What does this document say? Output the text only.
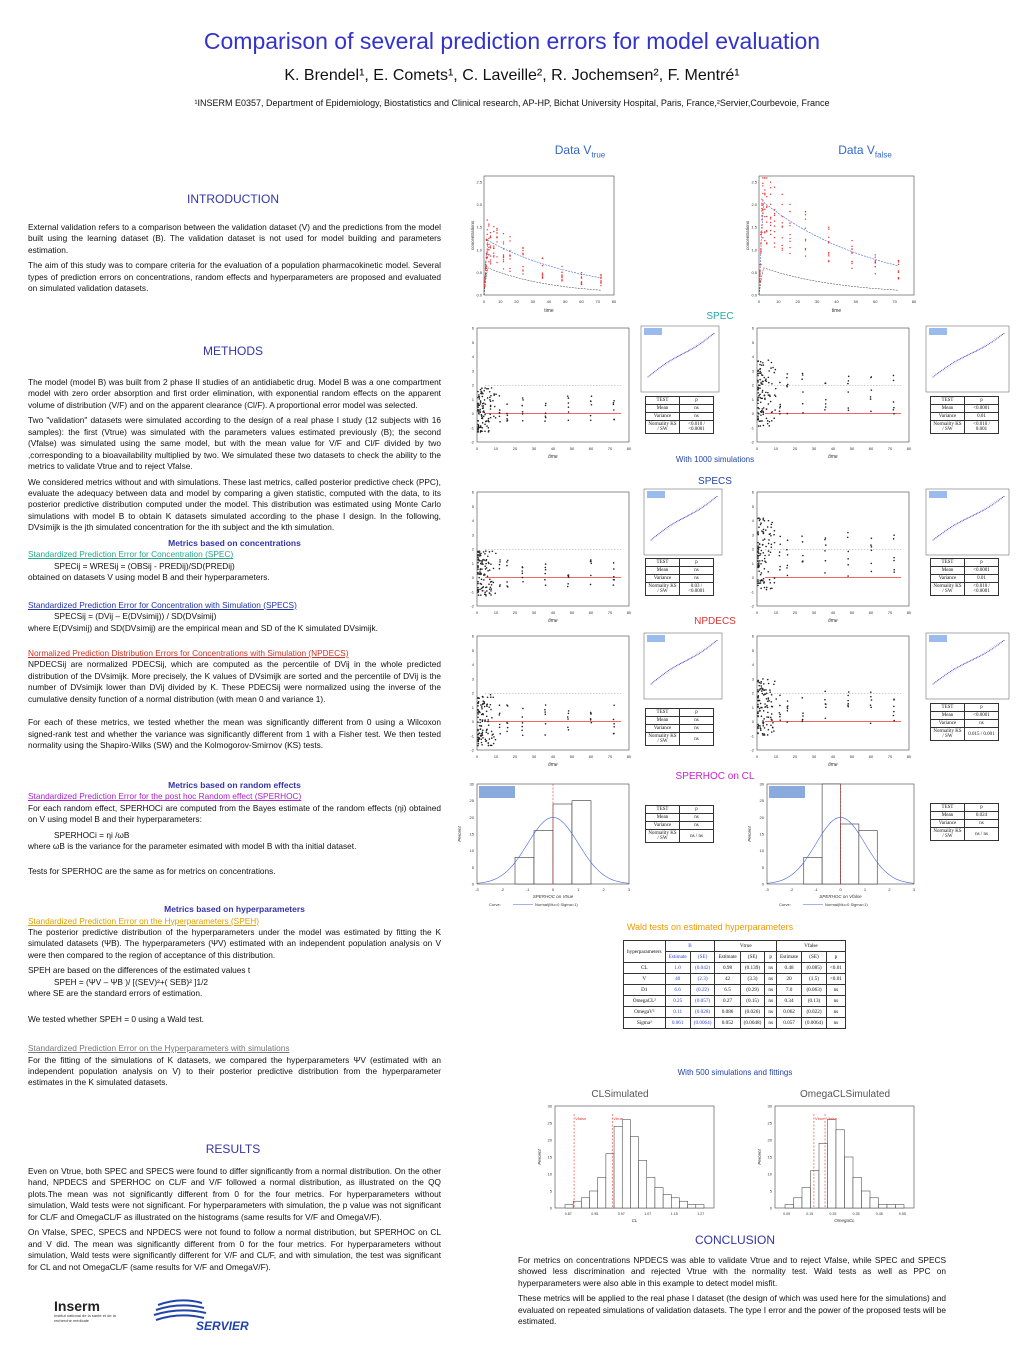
Comparison of several prediction errors for model evaluation
K. Brendel¹, E. Comets¹, C. Laveille², R. Jochemsen², F. Mentré¹
¹INSERM E0357, Department of Epidemiology, Biostatistics and Clinical research, AP-HP, Bichat University Hospital, Paris, France,²Servier,Courbevoie, France
INTRODUCTION

External validation refers to a comparison between the validation dataset (V) and the predictions from the model built using the learning dataset (B). The validation dataset is not used for model building and parameters estimation.

The aim of this study was to compare criteria for the evaluation of a population pharmacokinetic model. Several types of prediction errors on concentrations, random effects and hyperparameters are proposed and evaluated on simulated validation datasets.

METHODS

The model (model B) was built from 2 phase II studies of an antidiabetic drug. Model B was a one compartment model with zero order absorption and first order elimination, with exponential random effects on the apparent volume of distribution (V/F) and on the apparent clearance (Cl/F). A proportional error model was selected.

Two "validation" datasets were simulated according to the design of a real phase I study (12 subjects with 16 samples): the first (Vtrue) was simulated with the parameters values estimated previously (B); the second (Vfalse) was simulated using the same model, but with the mean value for V/F and Cl/F divided by two ,corresponding to a bioavailability multiplied by two. We simulated these two datasets to check the ability to the metrics to validate Vtrue and to reject Vfalse.

We considered metrics without and with simulations. These last metrics, called posterior predictive check (PPC), evaluate the adequacy between data and model by comparing a given statistic, computed with the data, to its posterior predictive distribution computed under the model. This distribution was estimated using Monte Carlo simulations with model B to obtain K datasets simulated according to the phase I design. In the following, DVsimijk is the jth simulated concentration for the ith subject and the kth simulation.

Metrics based on concentrations
Standardized Prediction Error for Concentration (SPEC)
SPECij = WRESij = (OBSij - PREDij)/SD(PREDij)

obtained on datasets V using model B and their hyperparameters.

Standardized Prediction Error for Concentration with Simulation (SPECS)
SPECSij = (DVij – E(DVsimij)) / SD(DVsimij)

where E(DVsimij) and SD(DVsimij) are the empirical mean and SD of the K simulated DVsimijk.

Normalized Prediction Distribution Errors for Concentrations with Simulation (NPDECS)

NPDECSij are normalized PDECSij, which are computed as the percentile of DVij in the whole predicted distribution of the DVsimijk. More precisely, the K values of DVsimijk are sorted and the percentile of DVij is the number of DVsimijk lower than DVij divided by K. These PDECSij were normalized using the inverse of the cumulative density function of a normal distribution (with mean 0 and variance 1).

For each of these metrics, we tested whether the mean was significantly different from 0 using a Wilcoxon signed-rank test and whether the variance was significantly different from 1 with a Fisher test. We then tested normality using the Shapiro-Wilks (SW) and the Kolmogorov-Smirnov (KS) tests.

Metrics based on random effects
Standardized Prediction Error for the post hoc Random effect (SPERHOC)

For each random effect, SPERHOCi are computed from the Bayes estimate of the random effects (ηi) obtained on V using model B and their hyperparameters:

SPERHOCi = ηi /ωB

where ωB is the variance for the parameter esimated with model B with tha initial dataset.

Tests for SPERHOC are the same as for metrics on concentrations.

Metrics based on hyperparameters
Standardized Prediction Error on the Hyperparameters (SPEH)

The posterior predictive distribution of the hyperparameters under the model was estimated by fitting the K simulated datasets (ΨB). The hyperparameters (ΨV) estimated with an independent population analysis on V were then compared to the region of acceptance of this distribution.

SPEH are based on the differences of the estimated values t
SPEH = (ΨV – ΨB )/ [(SEV)²+( SEB)² ]1/2

where SE are the standard errors of estimation.

We tested whether SPEH = 0 using a Wald test.

Standardized Prediction Error on the Hyperparameters with simulations

For the fitting of the simulations of K datasets, we compared the hyperparameters ΨV (estimated with an independent population analysis on V) to their posterior predictive distribution from the hyperparameter estimates in the K simulated datasets.

RESULTS

Even on Vtrue, both SPEC and SPECS were found to differ significantly from a normal distribution. On the other hand, NPDECS and SPERHOC on CL/F and V/F followed a normal distribution, as illustrated on the QQ plots.The mean was not significantly different from 0 for the four metrics. For hyperparameters without simulation, Wald tests were not significant. For hyperparameters with simulation, the p value was not significant for CL/F and OmegaCL/F as illustrated on the histograms (same results for V/F and OmegaV/F).

On Vfalse, SPEC, SPECS and NPDECS were not found to follow a normal distribution, but SPERHOC on CL and V did. The mean was significantly different from 0 for the four metrics. For hyperparameters without simulation, Wald tests were significantly different for V/F and CL/F, and with simulation, the test was significant for CL and not OmegaCL/F (same results for V/F and OmegaV/F).

Inserm
Institut national de la santé et de la recherche médicale	SERVIER
Data $V_{true}$	Data $V_{false}$
0	10	20	30	40	50	60	70	80
0.0
0.5
1.0
1.5
2.0
2.5
time
concentrations
0	10	20	30	40	50	60	70	80
0.0
0.5
1.0
1.5
2.0
2.5
time
concentrations
SPEC
-2
-1
0
1
2
3
4
5
6
0	10	20	30	40	50	60	70	80
time
-2
-1
0
1
2
3
4
5
6
0	10	20	30	40	50	60	70	80
time
With 1000 simulations
SPECS
-2
-1
0
1
2
3
4
5
6
0	10	20	30	40	50	60	70	80
time
-2
-1
0
1
2
3
4
5
6
0	10	20	30	40	50	60	70	80
time
NPDECS
-2
-1
0
1
2
3
4
5
6
0	10	20	30	40	50	60	70	80
time
-2
-1
0
1
2
3
4
5
6
0	10	20	30	40	50	60	70	80
time
TEST	p
Mean	ns
Variance	ns
Normality KS / SW	<0.010 / <0.0001
TEST	p
Mean	<0.0001
Variance	0.01
Normality KS / SW	<0.010 / 0.001
TEST	p
Mean	ns
Variance	ns
Normality KS / SW	0.03 / <0.0001
TEST	p
Mean	<0.0001
Variance	0.01
Normality KS / SW	<0.010 / <0.0001
TEST	p
Mean	ns
Variance	ns
Normality KS / SW	ns
TEST	p
Mean	<0.0001
Variance	ns
Normality KS / SW	0.015 / 0.001
TEST	p
Mean	ns
Variance	ns
Normality KS / SW	ns / ns
TEST	p
Mean	0.024
Variance	ns
Normality KS / SW	ns / ns
SPERHOC on CL
0
5
10
15
20
25
30
Percent
-3	-2	-1	0	1	2	3
SPERHOC on Vtrue
Curve:	Normal(Mu=0 Sigma=1)
0
5
10
15
20
25
30
Percent
-3	-2	-1	0	1	2	3
SPERHOC on Vfalse
Curve:	Normal(Mu=0 Sigma=1)
Wald tests on estimated hyperparameters
hyperparameters	B		Vtrue			Vfalse		
	Estimate	(SE)	Estimate	(SE)	p	Estimate	(SE)	p
CL	1.0	(0.042)	0.98	(0.139)	ns	0.48	(0.085)	<0.01
V	40	(2.3)	42	(3.3)	ns	20	(1.5)	<0.01
D1	6.6	(0.22)	6.5	(0.29)	ns	7.0	(0.063)	ns
OmegaCL²	0.25	(0.057)	0.27	(0.15)	ns	0.34	(0.13)	ns
OmegaV²	0.11	(0.028)	0.086	(0.026)	ns	0.062	(0.022)	ns
Sigma²	0.061	(0.0064)	0.052	(0.0048)	ns	0.057	(0.0064)	ns
With 500 simulations and fittings
CLSimulated	OmegaCLSimulated
0
5
10
15
20
25
30
Percent
0.87	0.95	0.97	1.07	1.15	1.27
CL
Vtrue
Vfalse
0
5
10
15
20
25
30
Percent
0.05	0.15	0.25	0.35	0.45	0.55
OmegaCL
Vtrue Vfalse
CONCLUSION

For metrics on concentrations NPDECS was able to validate Vtrue and to reject Vfalse, while SPEC and SPECS showed less discrimination and rejected Vtrue with the normality test. Wald tests as well as PPC on hyperparameters were also able in this example to detect model misfit.

These metrics will be applied to the real phase I dataset (the design of which was used here for the simulations) and evaluated on repeated simulations of validation datasets. The type I error and the power of the proposed tests will be estimated.
